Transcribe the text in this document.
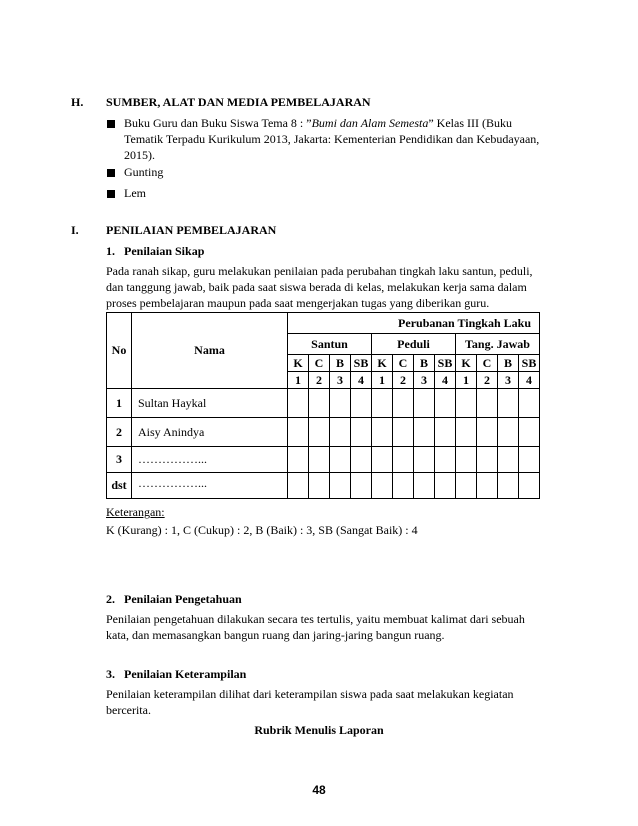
H. SUMBER, ALAT DAN MEDIA PEMBELAJARAN
Buku Guru dan Buku Siswa Tema 8 : ”Bumi dan Alam Semesta” Kelas III (Buku
Tematik Terpadu Kurikulum 2013, Jakarta: Kementerian Pendidikan dan Kebudayaan,
2015).
Gunting
Lem
I. PENILAIAN PEMBELAJARAN
1. Penilaian Sikap
Pada ranah sikap, guru melakukan penilaian pada perubahan tingkah laku santun, peduli,
dan tanggung jawab, baik pada saat siswa berada di kelas, melakukan kerja sama dalam
proses pembelajaran maupun pada saat mengerjakan tugas yang diberikan guru.
No	Nama	Perubanan Tingkah Laku											
		Santun				Peduli				Tang. Jawab			
		K	C	B	SB	K	C	B	SB	K	C	B	SB
		1	2	3	4	1	2	3	4	1	2	3	4
1	Sultan Haykal												
2	Aisy Anindya												
3	……………...												
dst	……………...												
Keterangan:
K (Kurang) : 1, C (Cukup) : 2, B (Baik) : 3, SB (Sangat Baik) : 4
2. Penilaian Pengetahuan
Penilaian pengetahuan dilakukan secara tes tertulis, yaitu membuat kalimat dari sebuah
kata, dan memasangkan bangun ruang dan jaring-jaring bangun ruang.
3. Penilaian Keterampilan
Penilaian keterampilan dilihat dari keterampilan siswa pada saat melakukan kegiatan
bercerita.
Rubrik Menulis Laporan
48
